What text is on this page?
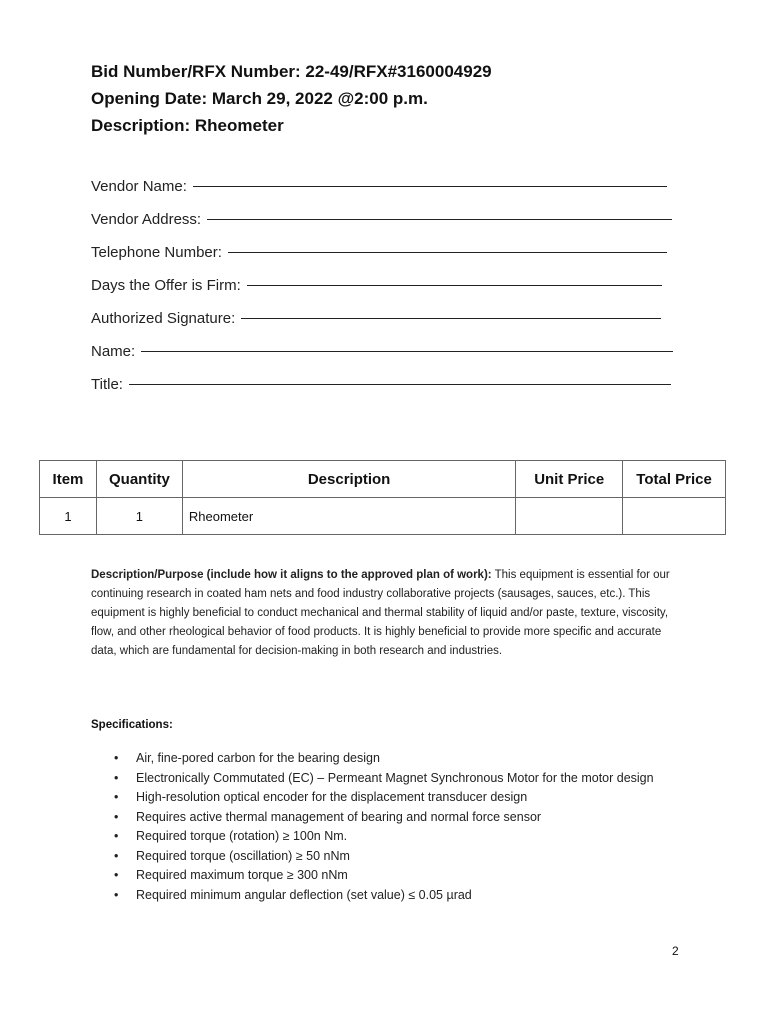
Bid Number/RFX Number: 22-49/RFX#3160004929
Opening Date: March 29, 2022 @2:00 p.m.
Description: Rheometer
Vendor Name:
Vendor Address:
Telephone Number:
Days the Offer is Firm:
Authorized Signature:
Name:
Title:
Item	Quantity	Description	Unit Price	Total Price
1	1	Rheometer		
Description/Purpose (include how it aligns to the approved plan of work): This equipment is essential for our continuing research in coated ham nets and food industry collaborative projects (sausages, sauces, etc.). This equipment is highly beneficial to conduct mechanical and thermal stability of liquid and/or paste, texture, viscosity, flow, and other rheological behavior of food products. It is highly beneficial to provide more specific and accurate data, which are fundamental for decision-making in both research and industries.
Specifications:
• Air, fine-pored carbon for the bearing design
• Electronically Commutated (EC) – Permeant Magnet Synchronous Motor for the motor design
• High-resolution optical encoder for the displacement transducer design
• Requires active thermal management of bearing and normal force sensor
• Required torque (rotation) ≥ 100n Nm.
• Required torque (oscillation) ≥ 50 nNm
• Required maximum torque ≥ 300 nNm
• Required minimum angular deflection (set value) ≤ 0.05 µrad
2
